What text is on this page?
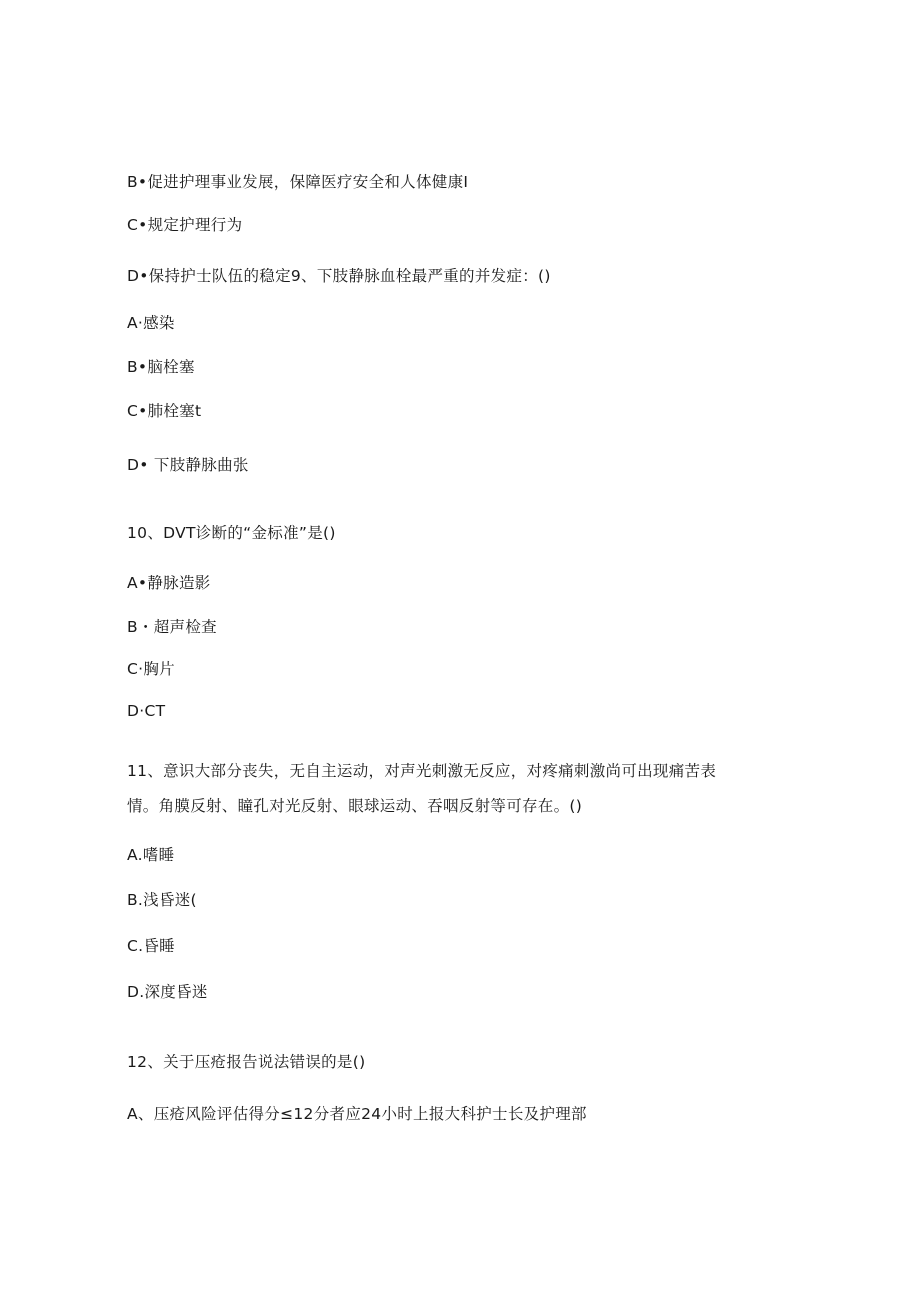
B•促进护理事业发展，保障医疗安全和人体健康I
C•规定护理行为
D•保持护士队伍的稳定9、下肢静脉血栓最严重的并发症：()
A·感染
B•脑栓塞
C•肺栓塞t
D• 下肢静脉曲张
10、DVT诊断的“金标准”是()
A•静脉造影
B・超声检查
C·胸片
D·CT
11、意识大部分丧失，无自主运动，对声光刺激无反应，对疼痛刺激尚可出现痛苦表
情。角膜反射、瞳孔对光反射、眼球运动、吞咽反射等可存在。()
A.嗜睡
B.浅昏迷(
C.昏睡
D.深度昏迷
12、关于压疮报告说法错误的是()
A、压疮风险评估得分≤12分者应24小时上报大科护士长及护理部
